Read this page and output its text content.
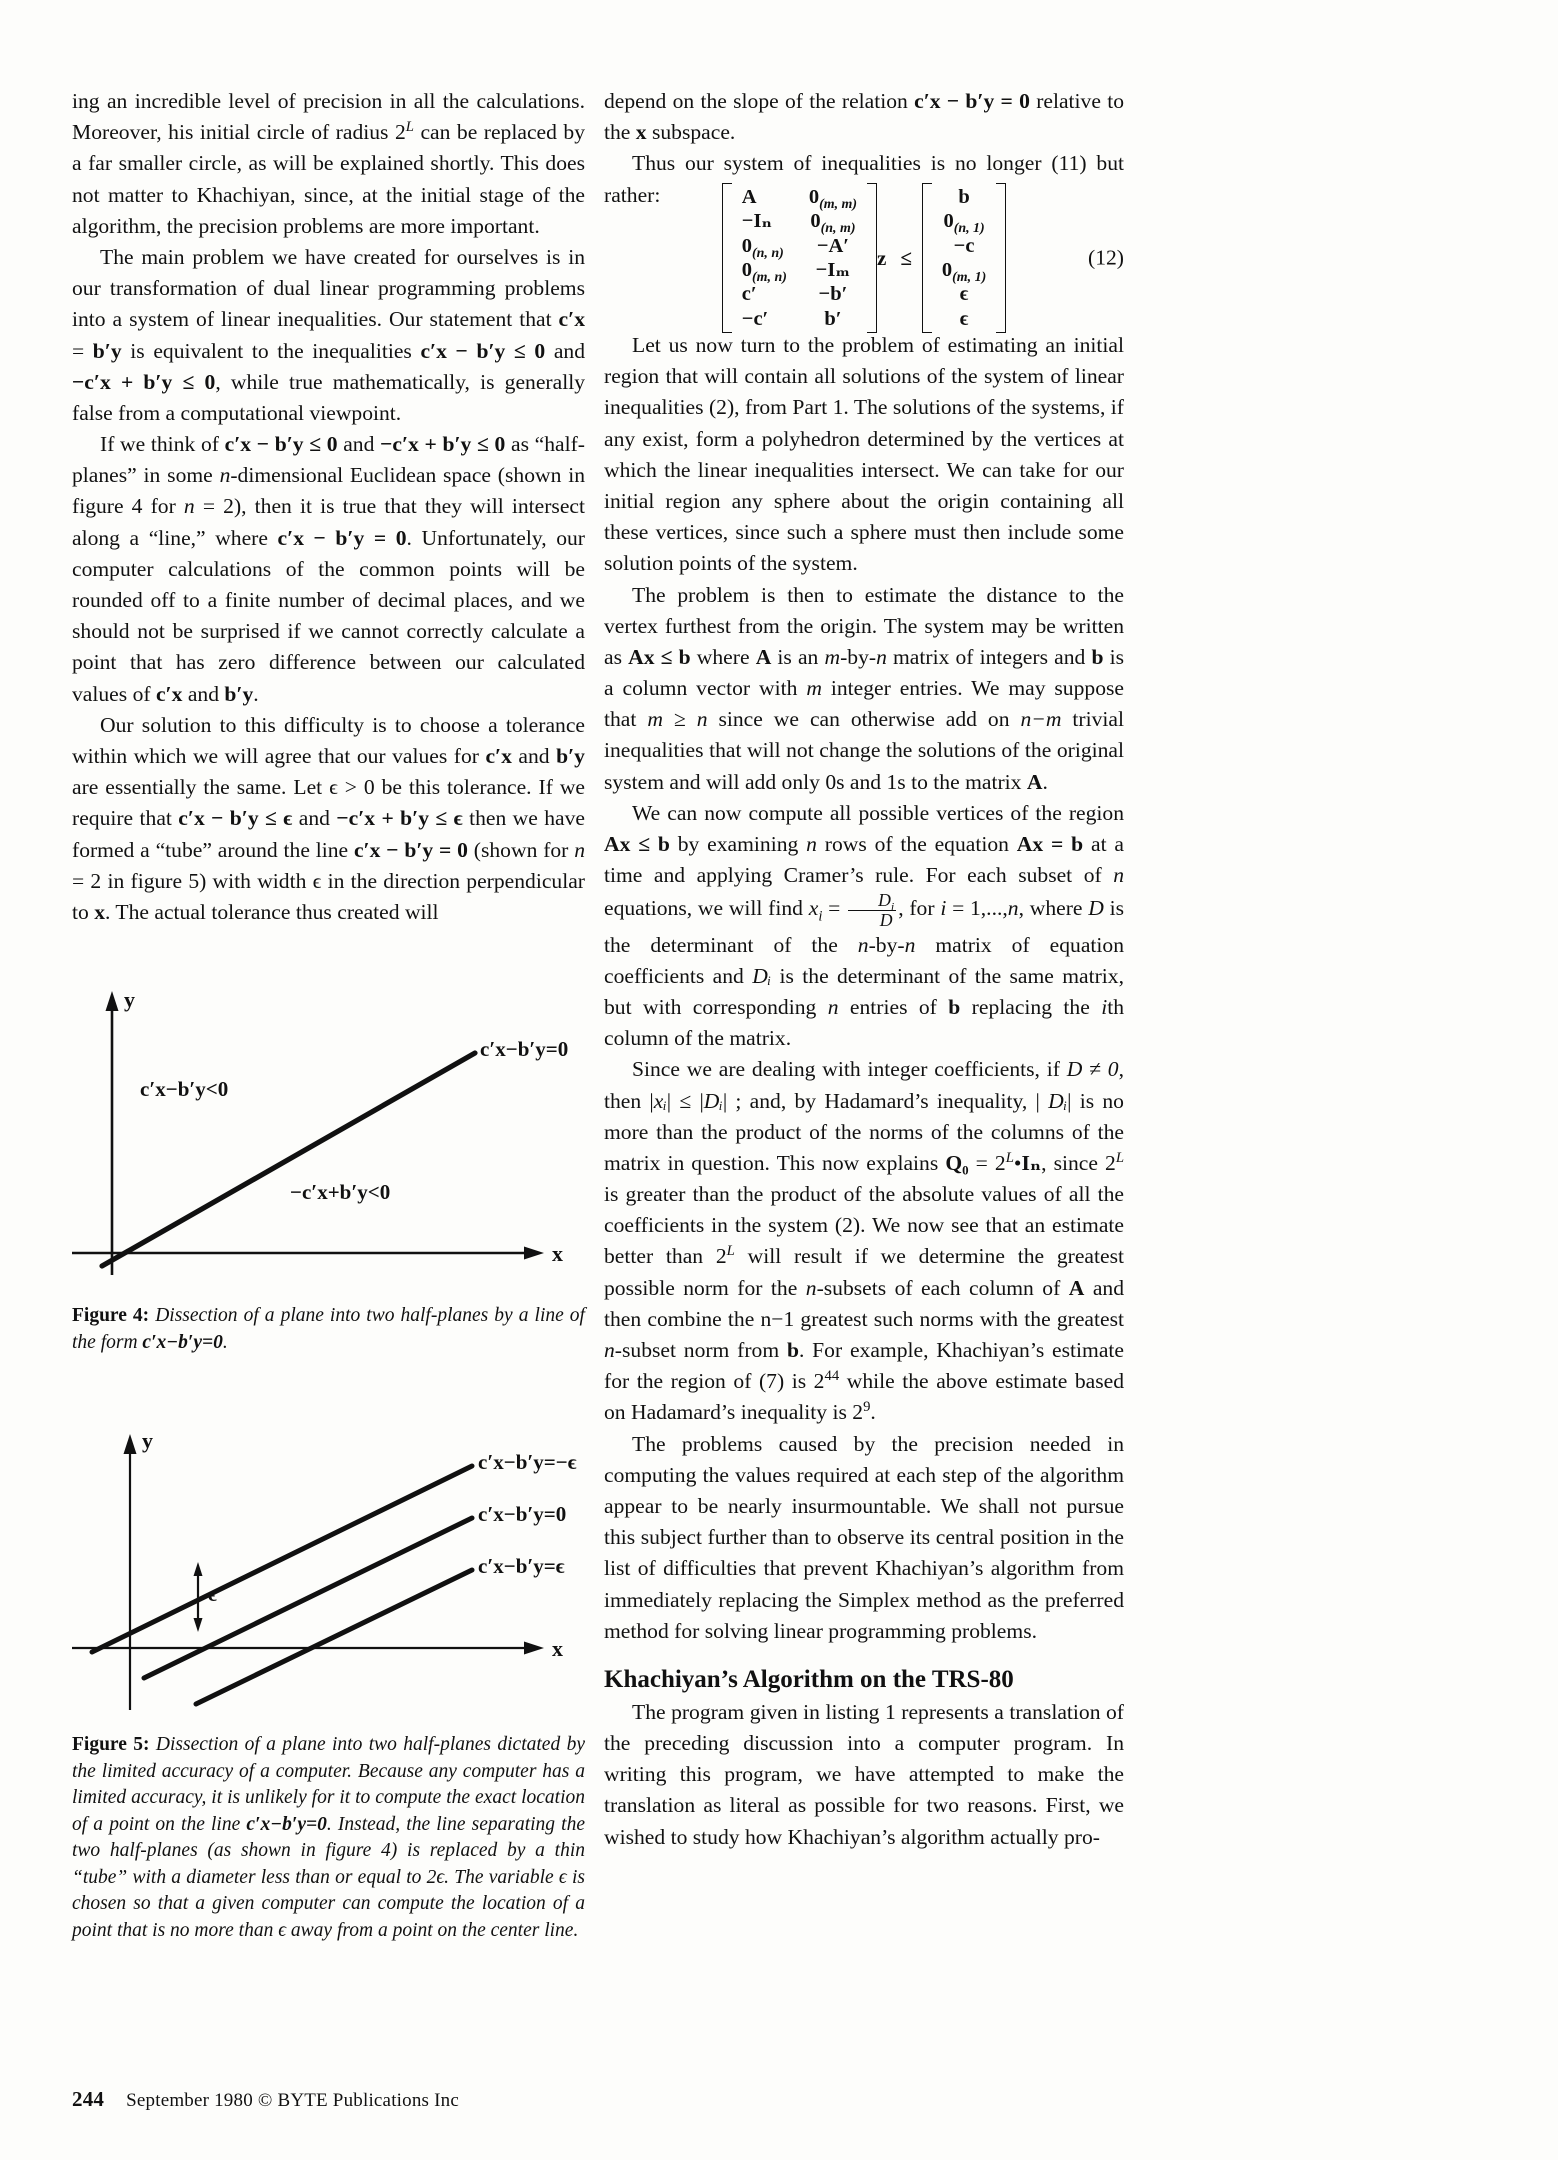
ing an incredible level of precision in all the calculations. Moreover, his initial circle of radius $2^L$ can be replaced by a far smaller circle, as will be explained shortly. This does not matter to Khachiyan, since, at the initial stage of the algorithm, the precision problems are more important.

The main problem we have created for ourselves is in our transformation of dual linear programming problems into a system of linear inequalities. Our statement that c′x = b′y is equivalent to the inequalities c′x − b′y ≤ 0 and −c′x + b′y ≤ 0, while true mathematically, is generally false from a computational viewpoint.

If we think of c′x − b′y ≤ 0 and −c′x + b′y ≤ 0 as “half-planes” in some n-dimensional Euclidean space (shown in figure 4 for n = 2), then it is true that they will intersect along a “line,” where c′x − b′y = 0. Unfortunately, our computer calculations of the common points will be rounded off to a finite number of decimal places, and we should not be surprised if we cannot correctly calculate a point that has zero difference between our calculated values of c′x and b′y.

Our solution to this difficulty is to choose a tolerance within which we will agree that our values for c′x and b′y are essentially the same. Let ϵ > 0 be this tolerance. If we require that c′x − b′y ≤ ϵ and −c′x + b′y ≤ ϵ then we have formed a “tube” around the line c′x − b′y = 0 (shown for n = 2 in figure 5) with width ϵ in the direction perpendicular to x. The actual tolerance thus created will

y
x
c′x−b′y=0
c′x−b′y<0
−c′x+b′y<0
Figure 4: Dissection of a plane into two half-planes by a line of the form c′x−b′y=0.
y
x
ϵ
c′x−b′y=−ϵ
c′x−b′y=0
c′x−b′y=ϵ
Figure 5: Dissection of a plane into two half-planes dictated by the limited accuracy of a computer. Because any computer has a limited accuracy, it is unlikely for it to compute the exact location of a point on the line c′x−b′y=0. Instead, the line separating the two half-planes (as shown in figure 4) is replaced by a thin “tube” with a diameter less than or equal to 2ϵ. The variable ϵ is chosen so that a given computer can compute the location of a point that is no more than ϵ away from a point on the center line.

depend on the slope of the relation c′x − b′y = 0 relative to the x subspace.

Thus our system of inequalities is no longer (11) but rather:	A	$0_{(m, m)}$
−Iₙ	$0_{(n, m)}$
$0_{(n, n)}$	−A′
$0_{(m, n)}$	−Iₘ
c′	−b′
−c′	b′
z ≤
b
$0_{(n, 1)}$
−c
$0_{(m, 1)}$
ϵ
ϵ
(12)

Let us now turn to the problem of estimating an initial region that will contain all solutions of the system of linear inequalities (2), from Part 1. The solutions of the systems, if any exist, form a polyhedron determined by the vertices at which the linear inequalities intersect. We can take for our initial region any sphere about the origin containing all these vertices, since such a sphere must then include some solution points of the system.

The problem is then to estimate the distance to the vertex furthest from the origin. The system may be written as Ax ≤ b where A is an m-by-n matrix of integers and b is a column vector with m integer entries. We may suppose that m ≥ n since we can otherwise add on n−m trivial inequalities that will not change the solutions of the original system and will add only 0s and 1s to the matrix A.

We can now compute all possible vertices of the region Ax ≤ b by examining n rows of the equation Ax = b at a time and applying Cramer’s rule. For each subset of n equations, we will find $x_i = \frac{D_i}{D}$ , for i = 1,...,n, where D is the determinant of the n-by-n matrix of equation coefficients and Dᵢ is the determinant of the same matrix, but with corresponding n entries of b replacing the ith column of the matrix.

Since we are dealing with integer coefficients, if D ≠ 0, then |xᵢ| ≤ |Dᵢ| ; and, by Hadamard’s inequality, | Dᵢ| is no more than the product of the norms of the columns of the matrix in question. This now explains $Q_0 = 2^L•I_n$, since $2^L$ is greater than the product of the absolute values of all the coefficients in the system (2). We now see that an estimate better than $2^L$ will result if we determine the greatest possible norm for the n-subsets of each column of A and then combine the n−1 greatest such norms with the greatest n-subset norm from b. For example, Khachiyan’s estimate for the region of (7) is $2^{44}$ while the above estimate based on Hadamard’s inequality is $2^9$.

The problems caused by the precision needed in computing the values required at each step of the algorithm appear to be nearly insurmountable. We shall not pursue this subject further than to observe its central position in the list of difficulties that prevent Khachiyan’s algorithm from immediately replacing the Simplex method as the preferred method for solving linear programming problems.

Khachiyan’s Algorithm on the TRS-80

The program given in listing 1 represents a translation of the preceding discussion into a computer program. In writing this program, we have attempted to make the translation as literal as possible for two reasons. First, we wished to study how Khachiyan’s algorithm actually pro-

244 September 1980 © BYTE Publications Inc
